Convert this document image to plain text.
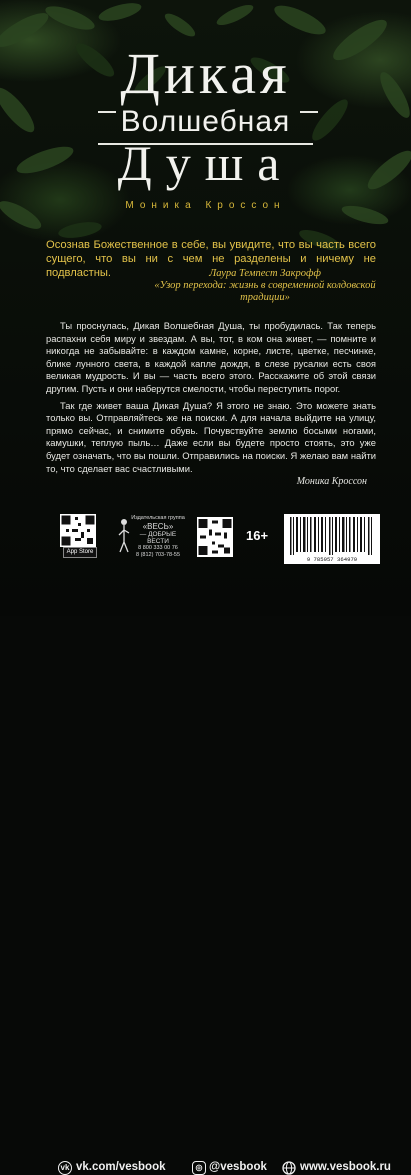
Дикая
Волшебная
Душа
Моника Кроссон
Осознав Божественное в себе, вы увидите, что вы часть всего сущего, что вы ни с чем не разделены и ничему не подвластны.	Лаура Темпест Закрофф
«Узор перехода: жизнь в современной колдовской традиции»

Ты проснулась, Дикая Волшебная Душа, ты пробудилась. Так теперь распахни себя миру и звездам. А вы, тот, в ком она живет, — помните и никогда не забывайте: в каждом камне, корне, листе, цветке, песчинке, блике лунного света, в каждой капле дождя, в слезе русалки есть своя великая мудрость. И вы — часть всего этого. Расскажите об этой связи другим. Пусть и они наберутся смелости, чтобы переступить порог.

Так где живет ваша Дикая Душа? Я этого не знаю. Это можете знать только вы. Отправляйтесь же на поиски. А для начала выйдите на улицу, прямо сейчас, и снимите обувь. Почувствуйте землю босыми ногами, камушки, теплую пыль… Даже если вы будете просто стоять, это уже будет означать, что вы пошли. Отправились на поиски. Я желаю вам найти то, что сделает вас счастливыми.

Моника Кроссон
App Store
Издательская группа
«ВЕСЬ»
— ДОБРЫЕ ВЕСТИ
8 800 333 00 76
8 (812) 703-78-55
16+
9 785957 364979
vk vk.com/vesbook	◎ @vesbook	www.vesbook.ru
